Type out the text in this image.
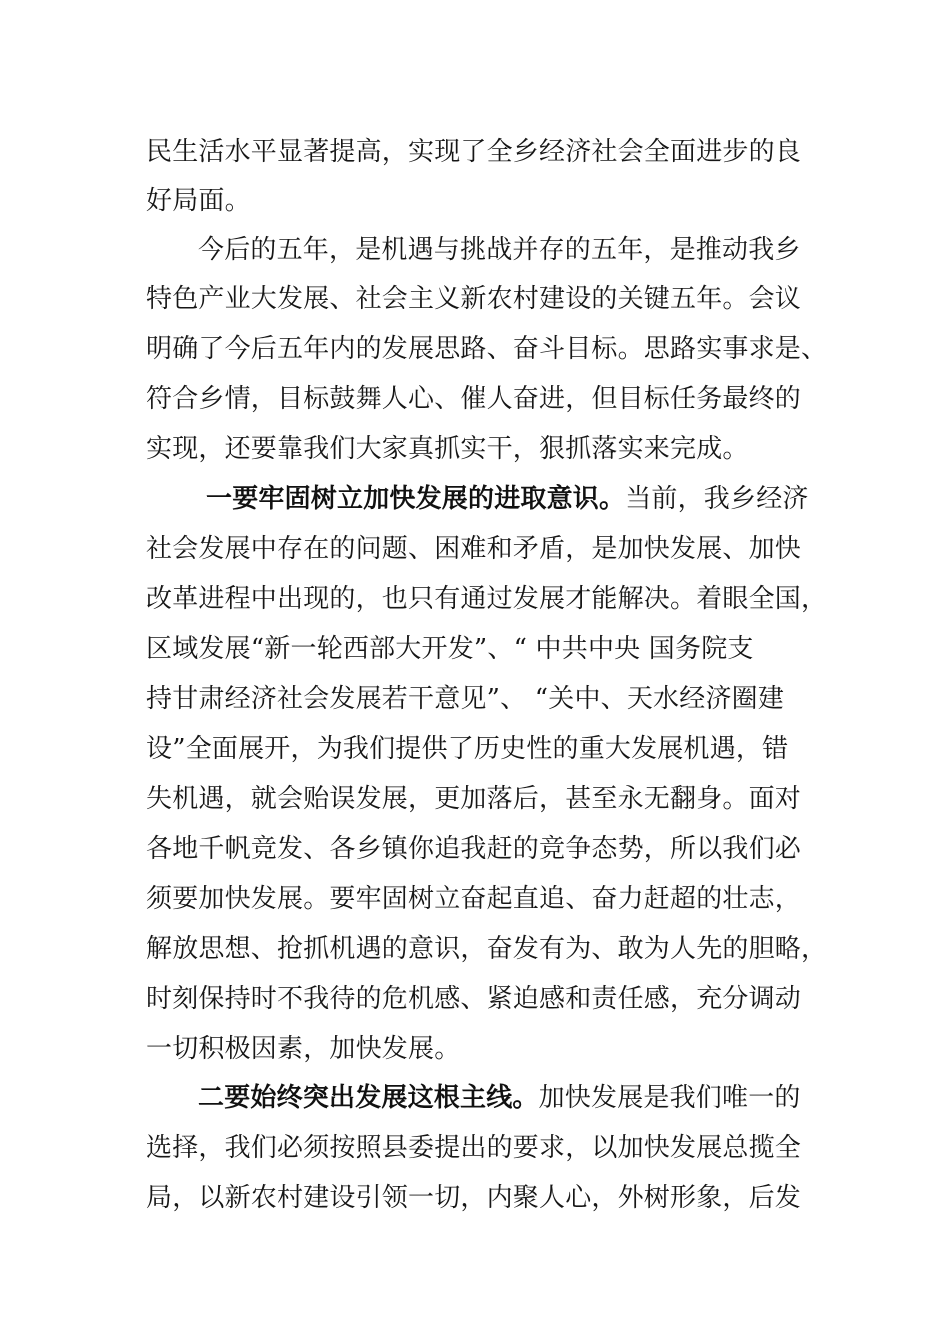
民生活水平显著提高，实现了全乡经济社会全面进步的良
好局面。
今后的五年，是机遇与挑战并存的五年，是推动我乡
特色产业大发展、社会主义新农村建设的关键五年。会议
明确了今后五年内的发展思路、奋斗目标。思路实事求是、
符合乡情，目标鼓舞人心、催人奋进，但目标任务最终的
实现，还要靠我们大家真抓实干，狠抓落实来完成。
一要牢固树立加快发展的进取意识。当前，我乡经济
社会发展中存在的问题、困难和矛盾，是加快发展、加快
改革进程中出现的，也只有通过发展才能解决。着眼全国，
区域发展“新一轮西部大开发”、“ 中共中央 国务院支
持甘肃经济社会发展若干意见”、 “关中、天水经济圈建
设”全面展开，为我们提供了历史性的重大发展机遇，错
失机遇，就会贻误发展，更加落后，甚至永无翻身。面对
各地千帆竞发、各乡镇你追我赶的竞争态势，所以我们必
须要加快发展。要牢固树立奋起直追、奋力赶超的壮志，
解放思想、抢抓机遇的意识，奋发有为、敢为人先的胆略，
时刻保持时不我待的危机感、紧迫感和责任感，充分调动
一切积极因素，加快发展。
二要始终突出发展这根主线。加快发展是我们唯一的
选择，我们必须按照县委提出的要求，以加快发展总揽全
局，以新农村建设引领一切，内聚人心，外树形象，后发
